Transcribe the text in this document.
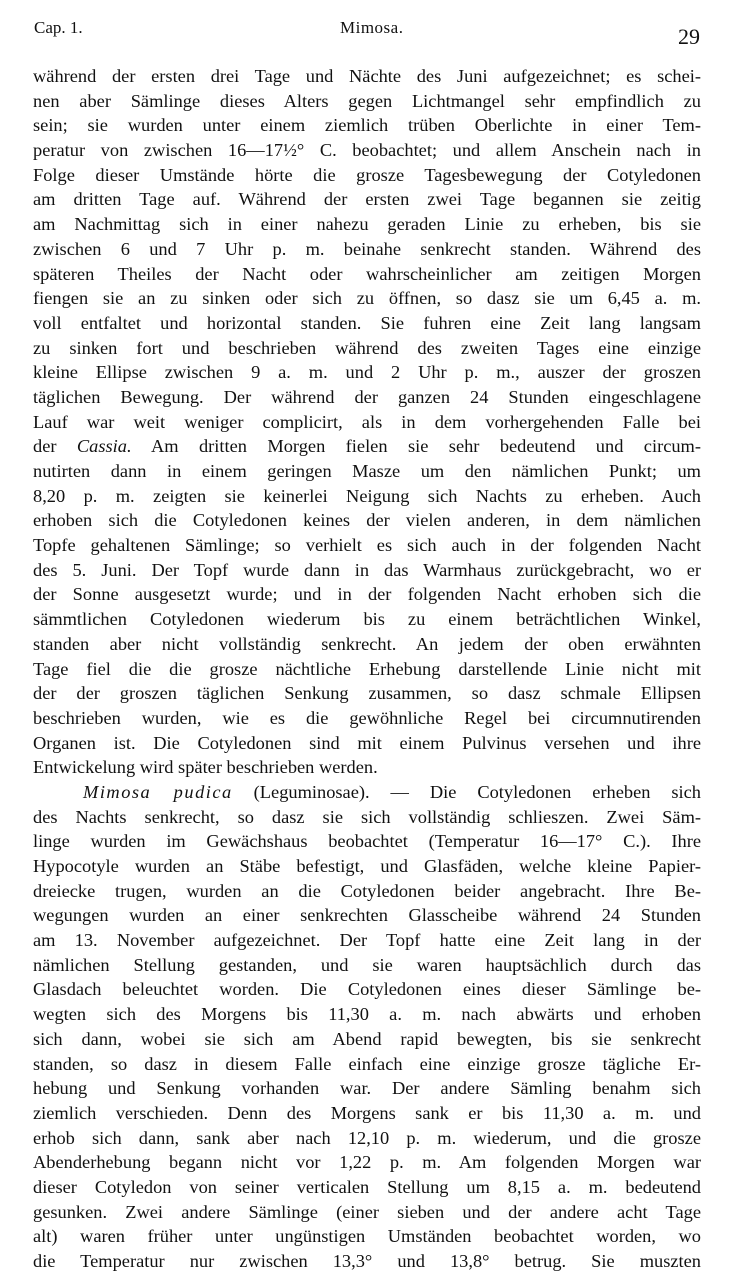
Cap. 1.	Mimosa.	29
während der ersten drei Tage und Nächte des Juni aufgezeichnet; es schei-
nen aber Sämlinge dieses Alters gegen Lichtmangel sehr empfindlich zu
sein; sie wurden unter einem ziemlich trüben Oberlichte in einer Tem-
peratur von zwischen 16—17½° C. beobachtet; und allem Anschein nach in
Folge dieser Umstände hörte die grosze Tagesbewegung der Cotyledonen
am dritten Tage auf. Während der ersten zwei Tage begannen sie zeitig
am Nachmittag sich in einer nahezu geraden Linie zu erheben, bis sie
zwischen 6 und 7 Uhr p. m. beinahe senkrecht standen. Während des
späteren Theiles der Nacht oder wahrscheinlicher am zeitigen Morgen
fiengen sie an zu sinken oder sich zu öffnen, so dasz sie um 6,45 a. m.
voll entfaltet und horizontal standen. Sie fuhren eine Zeit lang langsam
zu sinken fort und beschrieben während des zweiten Tages eine einzige
kleine Ellipse zwischen 9 a. m. und 2 Uhr p. m., auszer der groszen
täglichen Bewegung. Der während der ganzen 24 Stunden eingeschlagene
Lauf war weit weniger complicirt, als in dem vorhergehenden Falle bei
der Cassia. Am dritten Morgen fielen sie sehr bedeutend und circum-
nutirten dann in einem geringen Masze um den nämlichen Punkt; um
8,20 p. m. zeigten sie keinerlei Neigung sich Nachts zu erheben. Auch
erhoben sich die Cotyledonen keines der vielen anderen, in dem nämlichen
Topfe gehaltenen Sämlinge; so verhielt es sich auch in der folgenden Nacht
des 5. Juni. Der Topf wurde dann in das Warmhaus zurückgebracht, wo er
der Sonne ausgesetzt wurde; und in der folgenden Nacht erhoben sich die
sämmtlichen Cotyledonen wiederum bis zu einem beträchtlichen Winkel,
standen aber nicht vollständig senkrecht. An jedem der oben erwähnten
Tage fiel die die grosze nächtliche Erhebung darstellende Linie nicht mit
der der groszen täglichen Senkung zusammen, so dasz schmale Ellipsen
beschrieben wurden, wie es die gewöhnliche Regel bei circumnutirenden
Organen ist. Die Cotyledonen sind mit einem Pulvinus versehen und ihre
Entwickelung wird später beschrieben werden.
Mimosa pudica (Leguminosae). — Die Cotyledonen erheben sich
des Nachts senkrecht, so dasz sie sich vollständig schlieszen. Zwei Säm-
linge wurden im Gewächshaus beobachtet (Temperatur 16—17° C.). Ihre
Hypocotyle wurden an Stäbe befestigt, und Glasfäden, welche kleine Papier-
dreiecke trugen, wurden an die Cotyledonen beider angebracht. Ihre Be-
wegungen wurden an einer senkrechten Glasscheibe während 24 Stunden
am 13. November aufgezeichnet. Der Topf hatte eine Zeit lang in der
nämlichen Stellung gestanden, und sie waren hauptsächlich durch das
Glasdach beleuchtet worden. Die Cotyledonen eines dieser Sämlinge be-
wegten sich des Morgens bis 11,30 a. m. nach abwärts und erhoben
sich dann, wobei sie sich am Abend rapid bewegten, bis sie senkrecht
standen, so dasz in diesem Falle einfach eine einzige grosze tägliche Er-
hebung und Senkung vorhanden war. Der andere Sämling benahm sich
ziemlich verschieden. Denn des Morgens sank er bis 11,30 a. m. und
erhob sich dann, sank aber nach 12,10 p. m. wiederum, und die grosze
Abenderhebung begann nicht vor 1,22 p. m. Am folgenden Morgen war
dieser Cotyledon von seiner verticalen Stellung um 8,15 a. m. bedeutend
gesunken. Zwei andere Sämlinge (einer sieben und der andere acht Tage
alt) waren früher unter ungünstigen Umständen beobachtet worden, wo
die Temperatur nur zwischen 13,3° und 13,8° betrug. Sie muszten
